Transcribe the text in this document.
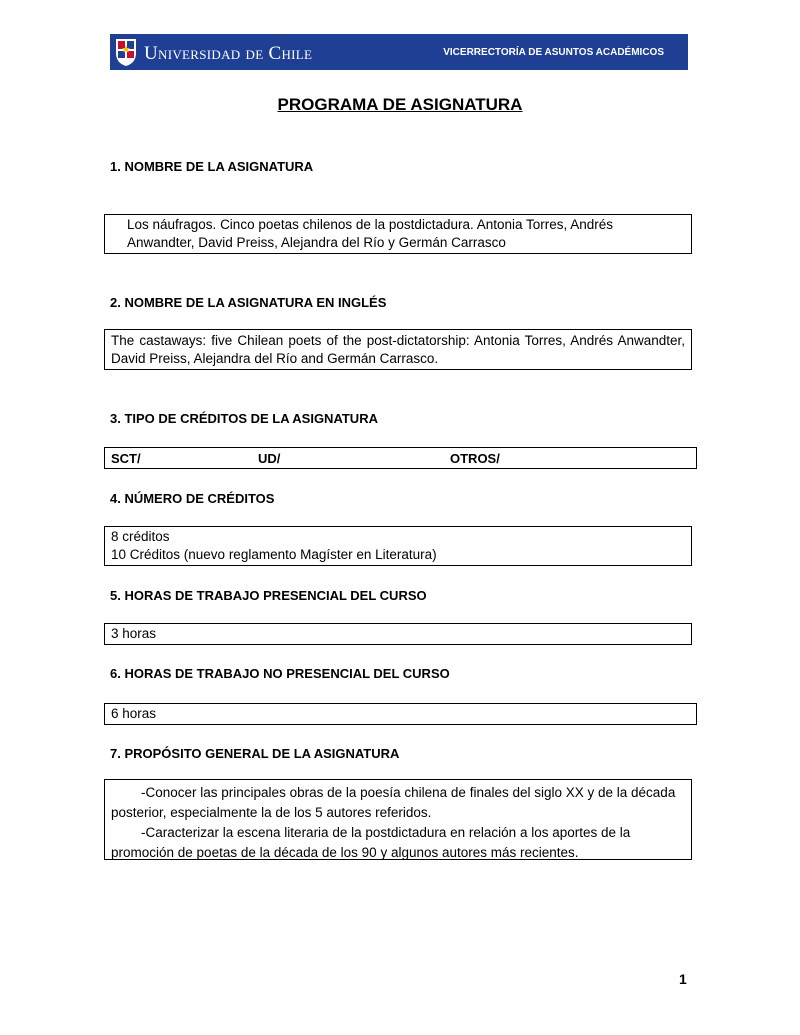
Universidad de Chile	VICERRECTORÍA DE ASUNTOS ACADÉMICOS
PROGRAMA DE ASIGNATURA
1. NOMBRE DE LA ASIGNATURA

Los náufragos. Cinco poetas chilenos de la postdictadura. Antonia Torres, Andrés

Anwandter, David Preiss, Alejandra del Río y Germán Carrasco

2. NOMBRE DE LA ASIGNATURA EN INGLÉS

The castaways: five Chilean poets of the post-dictatorship: Antonia Torres, Andrés Anwandter, David Preiss, Alejandra del Río and Germán Carrasco.

3. TIPO DE CRÉDITOS DE LA ASIGNATURA
SCT/	UD/	OTROS/
4. NÚMERO DE CRÉDITOS

8 créditos

10 Créditos (nuevo reglamento Magíster en Literatura)

5. HORAS DE TRABAJO PRESENCIAL DEL CURSO

3 horas

6. HORAS DE TRABAJO NO PRESENCIAL DEL CURSO

6 horas

7. PROPÓSITO GENERAL DE LA ASIGNATURA

-Conocer las principales obras de la poesía chilena de finales del siglo XX y de la década posterior, especialmente la de los 5 autores referidos.

-Caracterizar la escena literaria de la postdictadura en relación a los aportes de la promoción de poetas de la década de los 90 y algunos autores más recientes.

1
